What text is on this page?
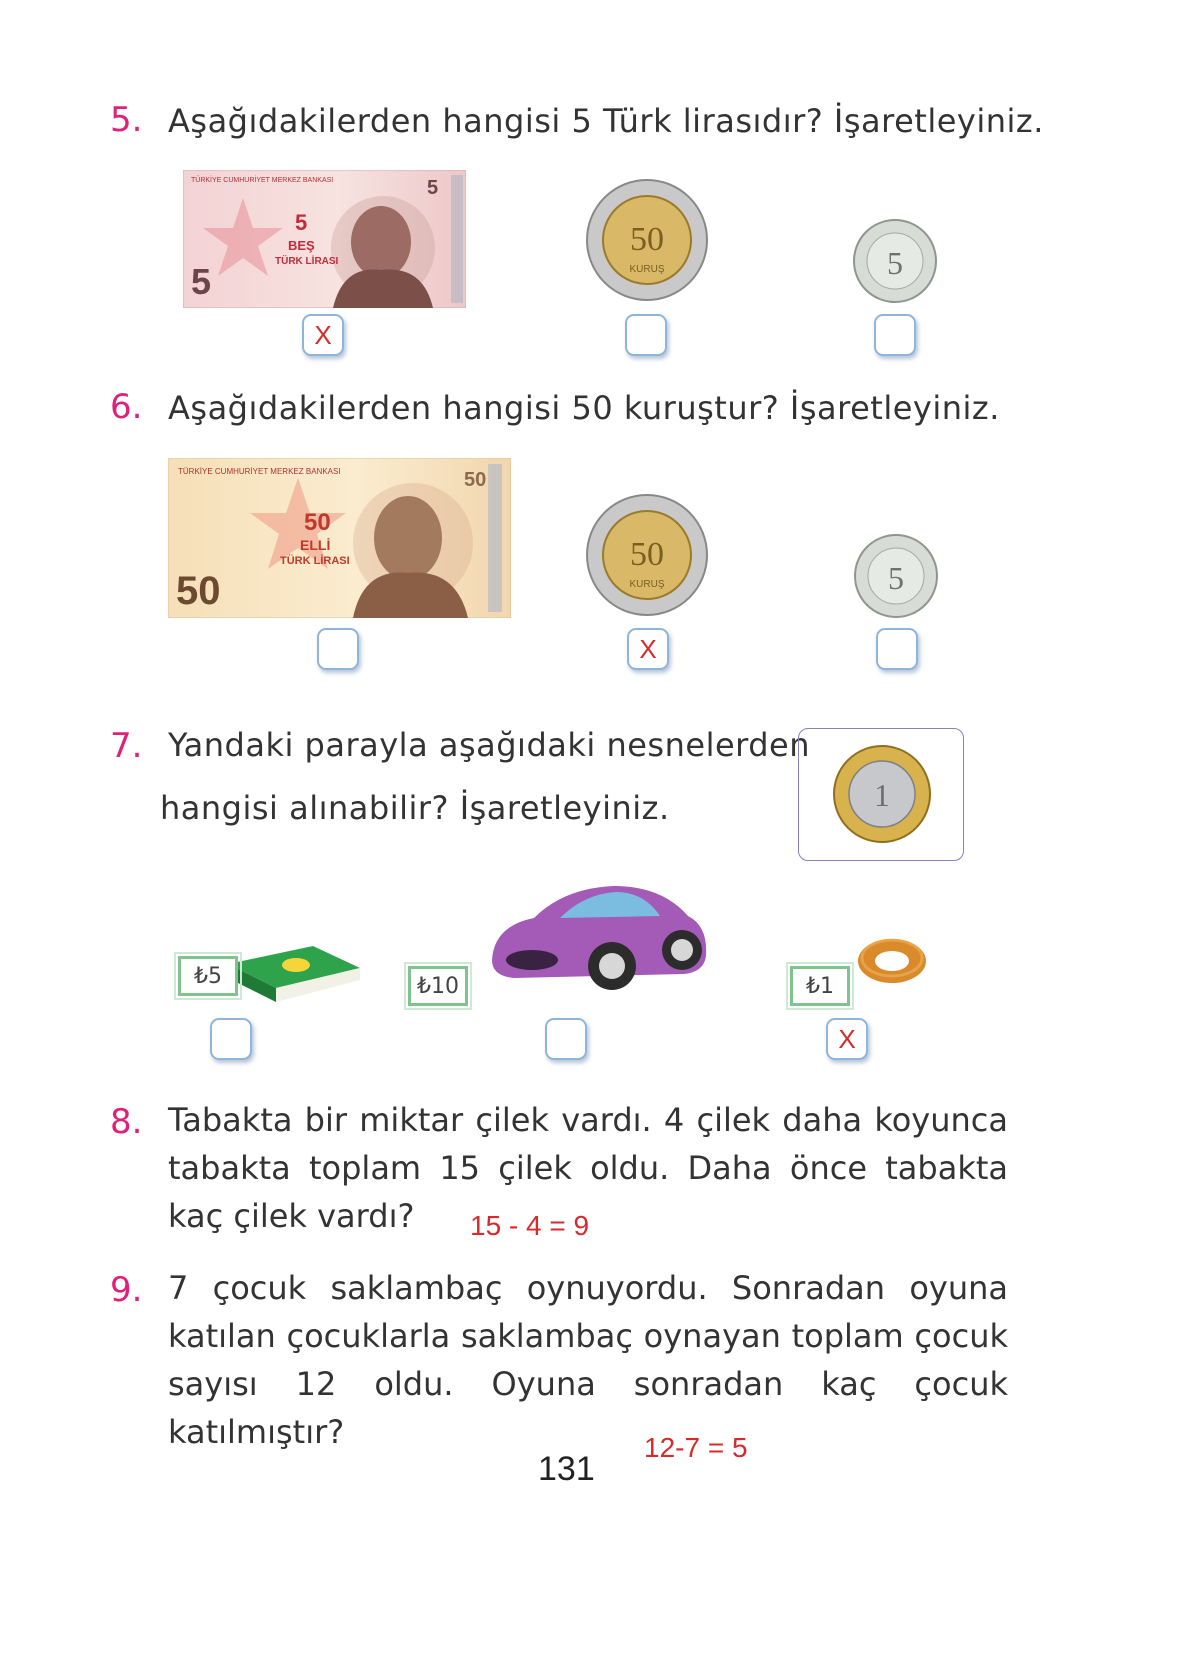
5. Aşağıdakilerden hangisi 5 Türk lirasıdır? İşaretleyiniz.
TÜRKİYE CUMHURİYET MERKEZ BANKASI
5
BEŞ
TÜRK LİRASI
5
5
50
KURUŞ	5
X
6. Aşağıdakilerden hangisi 50 kuruştur? İşaretleyiniz.
TÜRKİYE CUMHURİYET MERKEZ BANKASI
50
ELLİ
TÜRK LİRASI
50
50
50
KURUŞ	5
X
7. Yandaki parayla aşağıdaki nesnelerden
hangisi alınabilir? İşaretleyiniz.	1
₺5	₺10	₺1
X
8. Tabakta bir miktar çilek vardı. 4 çilek daha koyunca tabakta toplam 15 çilek oldu. Daha önce tabakta kaç çilek vardı?	15 - 4 = 9
9. 7 çocuk saklambaç oynuyordu. Sonradan oyuna katılan çocuklarla saklambaç oynayan toplam çocuk sayısı 12 oldu. Oyuna sonradan kaç çocuk katılmıştır?	12-7 = 5
131
